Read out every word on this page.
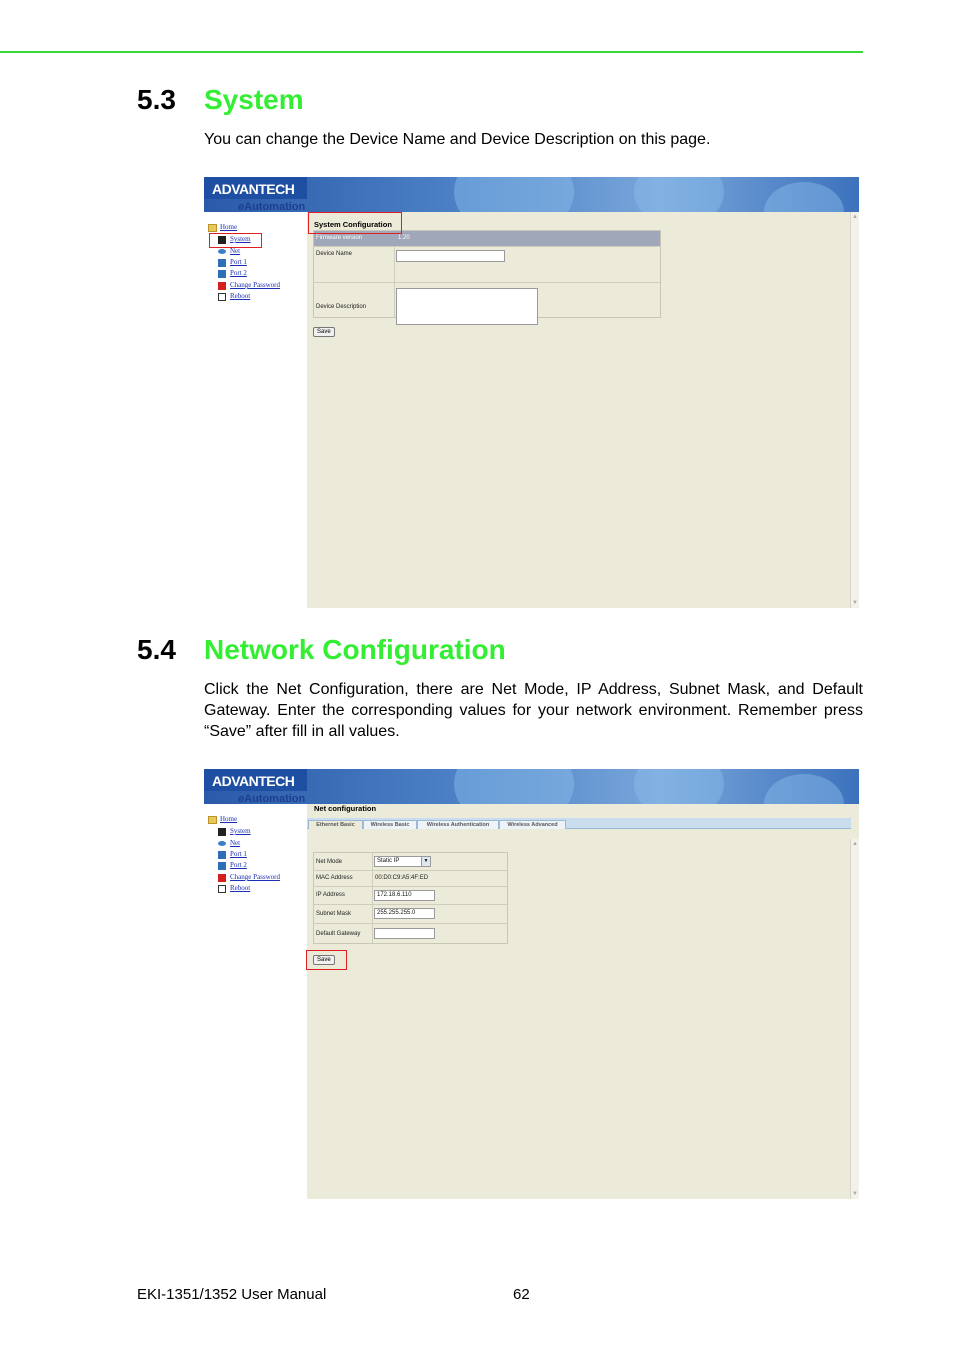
5.3 System
You can change the Device Name and Device Description on this page.
ADVANTECH
eAutomation
Home
System
Net
Port 1
Port 2
Change Password
Reboot
System Configuration
Firmware version	1.20
Device Name
Device Description
Save
▲
▼
5.4 Network Configuration
Click the Net Configuration, there are Net Mode, IP Address, Subnet Mask, and Default Gateway. Enter the corresponding values for your network environment. Remember press “Save” after fill in all values.
ADVANTECH
eAutomation
Home
System
Net
Port 1
Port 2
Change Password
Reboot
Net configuration
Ethernet Basic	Wireless Basic	Wireless Authentication	Wireless Advanced
Net Mode	Static IP	▼
MAC Address	00:D0:C9:A5:4F:ED
IP Address	172.18.6.110
Subnet Mask	255.255.255.0
Default Gateway
Save
▲
▼
EKI-1351/1352 User Manual	62
